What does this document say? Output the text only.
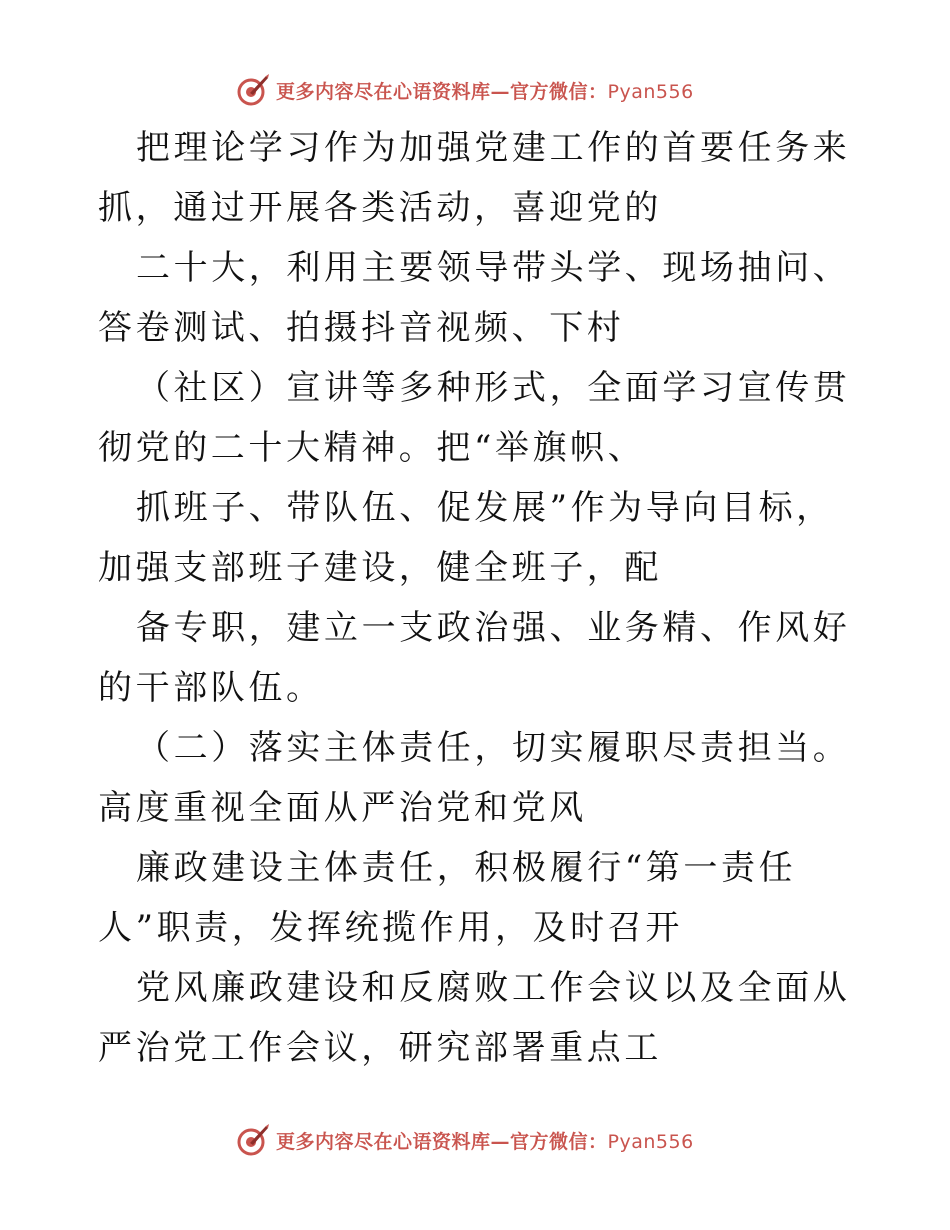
更多内容尽在心语资料库—官方微信：Pyan556

把理论学习作为加强党建工作的首要任务来抓，通过开展各类活动，喜迎党的

二十大，利用主要领导带头学、现场抽问、答卷测试、拍摄抖音视频、下村

（社区）宣讲等多种形式，全面学习宣传贯彻党的二十大精神。把“举旗帜、

抓班子、带队伍、促发展”作为导向目标，加强支部班子建设，健全班子，配

备专职，建立一支政治强、业务精、作风好的干部队伍。

（二）落实主体责任，切实履职尽责担当。高度重视全面从严治党和党风

廉政建设主体责任，积极履行“第一责任人”职责，发挥统揽作用，及时召开

党风廉政建设和反腐败工作会议以及全面从严治党工作会议，研究部署重点工

更多内容尽在心语资料库—官方微信：Pyan556
